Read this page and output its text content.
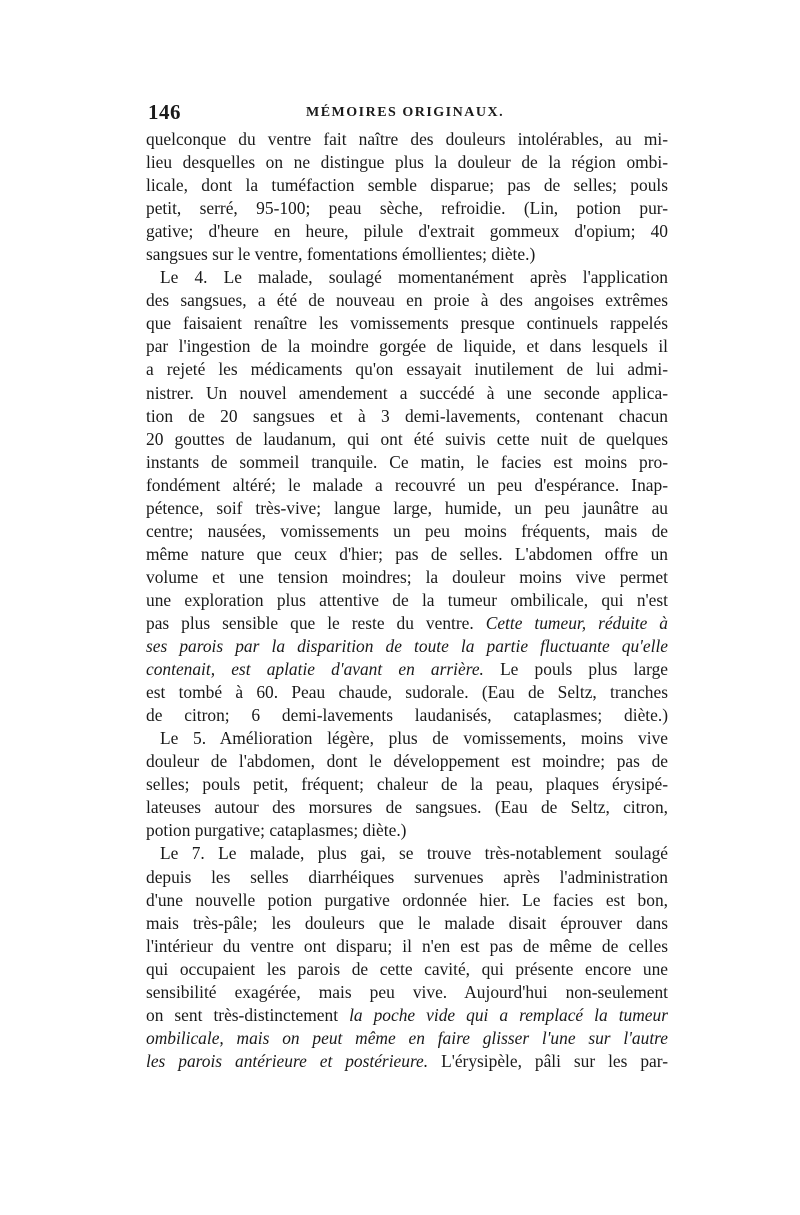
146	MÉMOIRES ORIGINAUX.
quelconque du ventre fait naître des douleurs intolérables, au mi-
lieu desquelles on ne distingue plus la douleur de la région ombi-
licale, dont la tuméfaction semble disparue; pas de selles; pouls
petit, serré, 95-100; peau sèche, refroidie. (Lin, potion pur-
gative; d'heure en heure, pilule d'extrait gommeux d'opium; 40
sangsues sur le ventre, fomentations émollientes; diète.)
Le 4. Le malade, soulagé momentanément après l'application
des sangsues, a été de nouveau en proie à des angoises extrêmes
que faisaient renaître les vomissements presque continuels rappelés
par l'ingestion de la moindre gorgée de liquide, et dans lesquels il
a rejeté les médicaments qu'on essayait inutilement de lui admi-
nistrer. Un nouvel amendement a succédé à une seconde applica-
tion de 20 sangsues et à 3 demi-lavements, contenant chacun
20 gouttes de laudanum, qui ont été suivis cette nuit de quelques
instants de sommeil tranquile. Ce matin, le facies est moins pro-
fondément altéré; le malade a recouvré un peu d'espérance. Inap-
pétence, soif très-vive; langue large, humide, un peu jaunâtre au
centre; nausées, vomissements un peu moins fréquents, mais de
même nature que ceux d'hier; pas de selles. L'abdomen offre un
volume et une tension moindres; la douleur moins vive permet
une exploration plus attentive de la tumeur ombilicale, qui n'est
pas plus sensible que le reste du ventre. Cette tumeur, réduite à
ses parois par la disparition de toute la partie fluctuante qu'elle
contenait, est aplatie d'avant en arrière. Le pouls plus large
est tombé à 60. Peau chaude, sudorale. (Eau de Seltz, tranches
de citron; 6 demi-lavements laudanisés, cataplasmes; diète.)
Le 5. Amélioration légère, plus de vomissements, moins vive
douleur de l'abdomen, dont le développement est moindre; pas de
selles; pouls petit, fréquent; chaleur de la peau, plaques érysipé-
lateuses autour des morsures de sangsues. (Eau de Seltz, citron,
potion purgative; cataplasmes; diète.)
Le 7. Le malade, plus gai, se trouve très-notablement soulagé
depuis les selles diarrhéiques survenues après l'administration
d'une nouvelle potion purgative ordonnée hier. Le facies est bon,
mais très-pâle; les douleurs que le malade disait éprouver dans
l'intérieur du ventre ont disparu; il n'en est pas de même de celles
qui occupaient les parois de cette cavité, qui présente encore une
sensibilité exagérée, mais peu vive. Aujourd'hui non-seulement
on sent très-distinctement la poche vide qui a remplacé la tumeur
ombilicale, mais on peut même en faire glisser l'une sur l'autre
les parois antérieure et postérieure. L'érysipèle, pâli sur les par-
